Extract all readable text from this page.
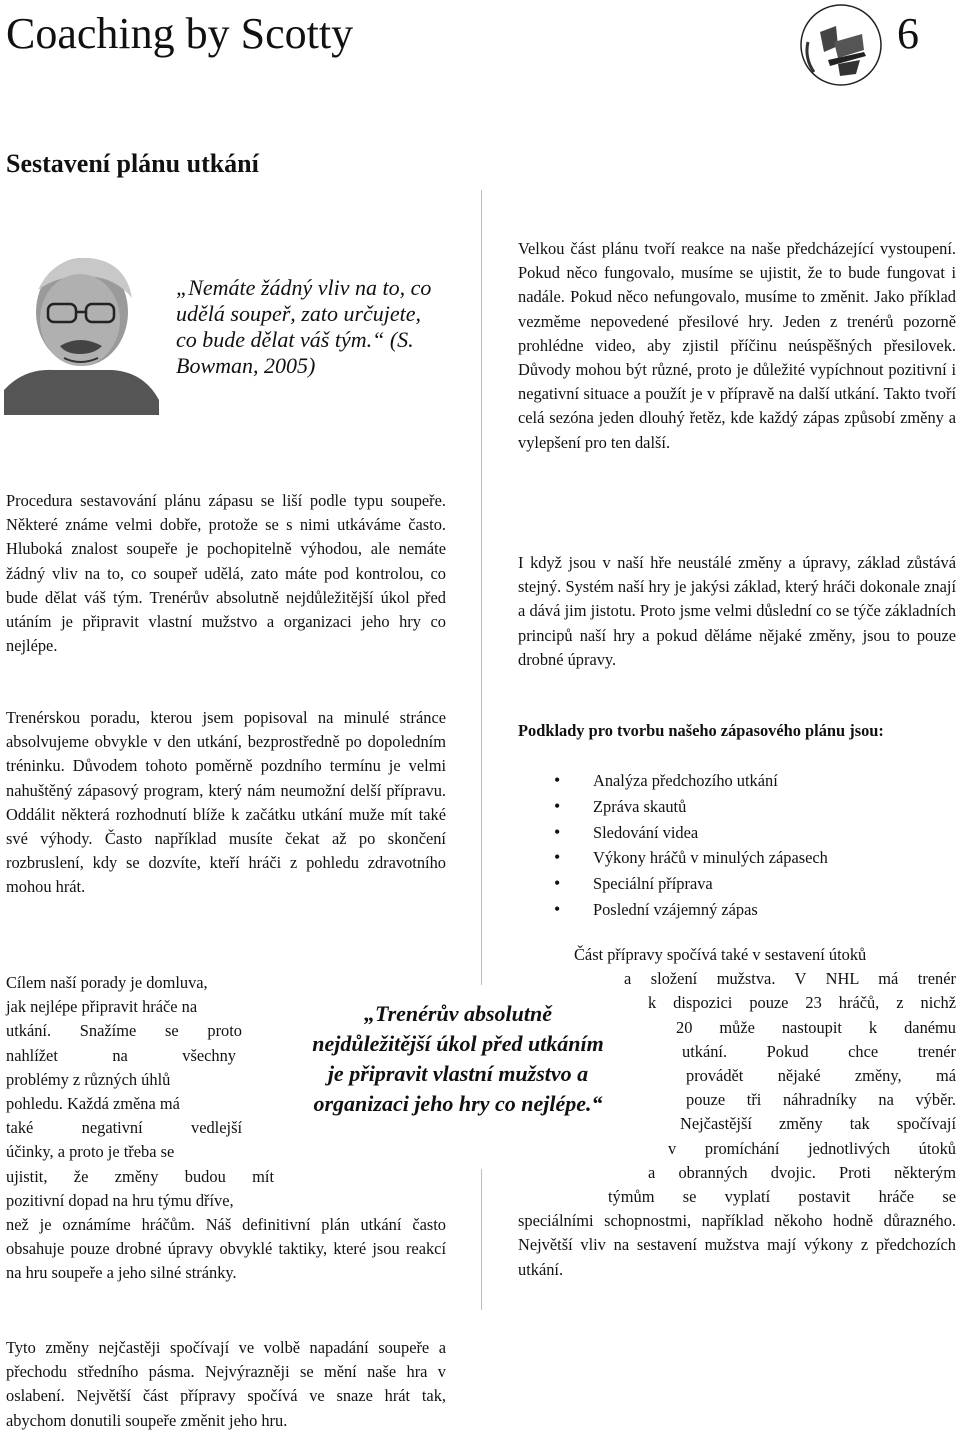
Coaching by Scotty	6
Sestavení plánu utkání
„Nemáte žádný vliv na to, co udělá soupeř, zato určujete, co bude dělat váš tým.“ (S. Bowman, 2005)
Procedura sestavování plánu zápasu se liší podle typu soupeře. Některé známe velmi dobře, protože se s nimi utkáváme často. Hluboká znalost soupeře je pochopitelně výhodou, ale nemáte žádný vliv na to, co soupeř udělá, zato máte pod kontrolou, co bude dělat váš tým. Trenérův absolutně nejdůležitější úkol před utáním je připravit vlastní mužstvo a organizaci jeho hry co nejlépe.
Trenérskou poradu, kterou jsem popisoval na minulé stránce absolvujeme obvykle v den utkání, bezprostředně po dopoledním tréninku. Důvodem tohoto poměrně pozdního termínu je velmi nahuštěný zápasový program, který nám neumožní delší přípravu. Oddálit některá rozhodnutí blíže k začátku utkání muže mít také své výhody. Často například musíte čekat až po skončení rozbruslení, kdy se dozvíte, kteří hráči z pohledu zdravotního mohou hrát.
Cílem naší porady je domluva,
jak nejlépe připravit hráče na
utkání. Snažíme se proto
nahlížet na všechny
problémy z různých úhlů
pohledu. Každá změna má
také negativní vedlejší
účinky, a proto je třeba se
ujistit, že změny budou mít
pozitivní dopad na hru týmu dříve,
než je oznámíme hráčům. Náš definitivní plán utkání často obsahuje pouze drobné úpravy obvyklé taktiky, které jsou reakcí na hru soupeře a jeho silné stránky.
Tyto změny nejčastěji spočívají ve volbě napadání soupeře a přechodu středního pásma. Nejvýrazněji se mění naše hra v oslabení. Největší část přípravy spočívá ve snaze hrát tak, abychom donutili soupeře změnit jeho hru.
„Trenérův absolutně nejdůležitější úkol před utkáním je připravit vlastní mužstvo a organizaci jeho hry co nejlépe.“
Velkou část plánu tvoří reakce na naše předcházející vystoupení. Pokud něco fungovalo, musíme se ujistit, že to bude fungovat i nadále. Pokud něco nefungovalo, musíme to změnit. Jako příklad vezměme nepovedené přesilové hry. Jeden z trenérů pozorně prohlédne video, aby zjistil příčinu neúspěšných přesilovek. Důvody mohou být různé, proto je důležité vypíchnout pozitivní i negativní situace a použít je v přípravě na další utkání. Takto tvoří celá sezóna jeden dlouhý řetěz, kde každý zápas způsobí změny a vylepšení pro ten další.
I když jsou v naší hře neustálé změny a úpravy, základ zůstává stejný. Systém naší hry je jakýsi základ, který hráči dokonale znají a dává jim jistotu. Proto jsme velmi důslední co se týče základních principů naší hry a pokud děláme nějaké změny, jsou to pouze drobné úpravy.
Podklady pro tvorbu našeho zápasového plánu jsou:
• Analýza předchozího utkání
• Zpráva skautů
• Sledování videa
• Výkony hráčů v minulých zápasech
• Speciální příprava
• Poslední vzájemný zápas
Část přípravy spočívá také v sestavení útoků
a složení mužstva. V NHL má trenér
k dispozici pouze 23 hráčů, z nichž
20 může nastoupit k danému
utkání. Pokud chce trenér
provádět nějaké změny, má
pouze tři náhradníky na výběr.
Nejčastější změny tak spočívají
v promíchání jednotlivých útoků
a obranných dvojic. Proti některým
týmům se vyplatí postavit hráče se
speciálními schopnostmi, například někoho hodně důrazného. Největší vliv na sestavení mužstva mají výkony z předchozích utkání.
